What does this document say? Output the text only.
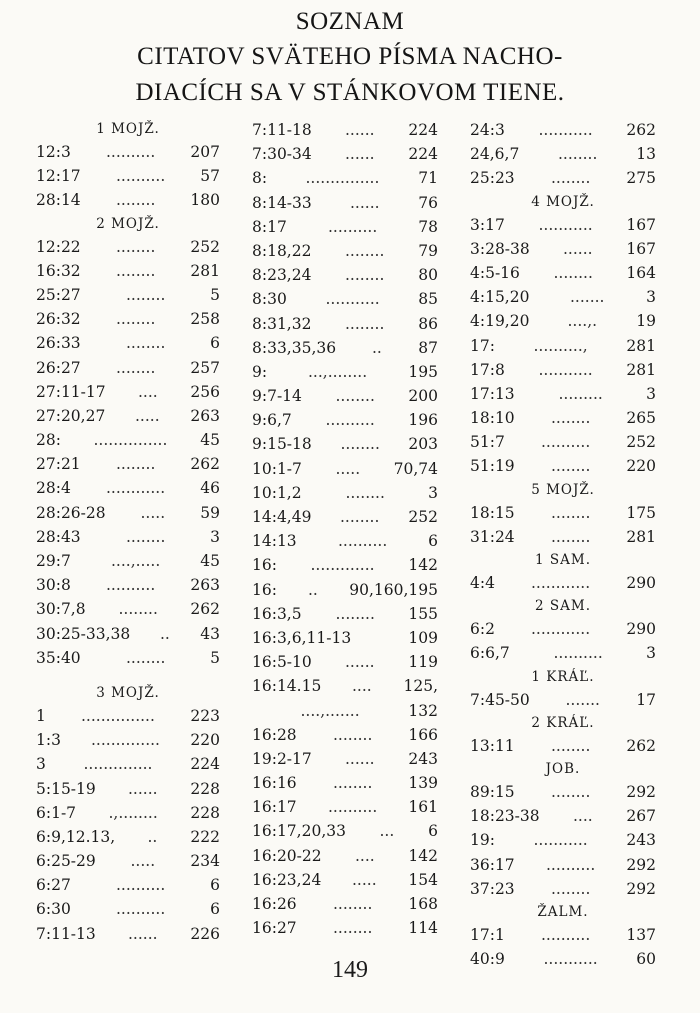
SOZNAM
CITATOV SVÄTEHO PÍSMA NACHO-
DIACÍCH SA V STÁNKOVOM TIENE.
1 MOJŽ.
12:3 .......... 207
12:17 .......... 57
28:14 ........ 180
2 MOJŽ.
12:22 ........ 252
16:32 ........ 281
25:27	........	5
26:32 ........ 258
26:33	........	6
26:27 ........ 257
27:11-17 .... 256
27:20,27 ..... 263
28: ............... 45
27:21 ........ 262
28:4 ............ 46
28:26-28 ..... 59
28:43	........	3
29:7	....,.....	45
30:8 .......... 263
30:7,8 ........ 262
30:25-33,38 .. 43
35:40	........	5
3 MOJŽ.
1 ............... 223
1:3 .............. 220
3 .............. 224
5:15-19 ...... 228
6:1-7 .,........ 228
6:9,12.13, .. 222
6:25-29 ..... 234
6:27	..........	6
6:30	..........	6
7:11-13 ...... 226
7:11-18 ...... 224
7:30-34 ...... 224
8: ...............	71
8:14-33 ...... 76
8:17	..........	78
8:18,22 ........ 79
8:23,24 ........ 80
8:30 ........... 85
8:31,32 ........ 86
8:33,35,36 .. 87
9:	...,........	195
9:7-14 ........ 200
9:6,7 .......... 196
9:15-18 ........ 203
10:1-7 ..... 70,74
10:1,2	........	3
14:4,49 ........ 252
14:13	..........	6
16: ............. 142
16: .. 90,160,195
16:3,5 ........ 155
16:3,6,11-13	109
16:5-10 ...... 119
16:14.15 .... 125,
....,.......	132
16:28 ........ 166
19:2-17 ...... 243
16:16 ........ 139
16:17 .......... 161
16:17,20,33 ... 6
16:20-22 .... 142
16:23,24 ..... 154
16:26 ........ 168
16:27 ........ 114
24:3 ........... 262
24,6,7 ........	13
25:23 ........ 275
4 MOJŽ.
3:17 ........... 167
3:28-38 ...... 167
4:5-16 ........ 164
4:15,20	.......	3
4:19,20 ....,.	19
17: .........., 281
17:8 ........... 281
17:13	.........	3
18:10 ........ 265
51:7 .......... 252
51:19 ........ 220
5 MOJŽ.
18:15 ........ 175
31:24 ........ 281
1 SAM.
4:4 ............ 290
2 SAM.
6:2 ............ 290
6:6,7	..........	3
1 KRÁĽ.
7:45-50 ....... 17
2 KRÁĽ.
13:11 ........ 262
JOB.
89:15 ........ 292
18:23-38 .... 267
19: ........... 243
36:17 .......... 292
37:23 ........ 292
ŽALM.
17:1 .......... 137
40:9 ........... 60
149
